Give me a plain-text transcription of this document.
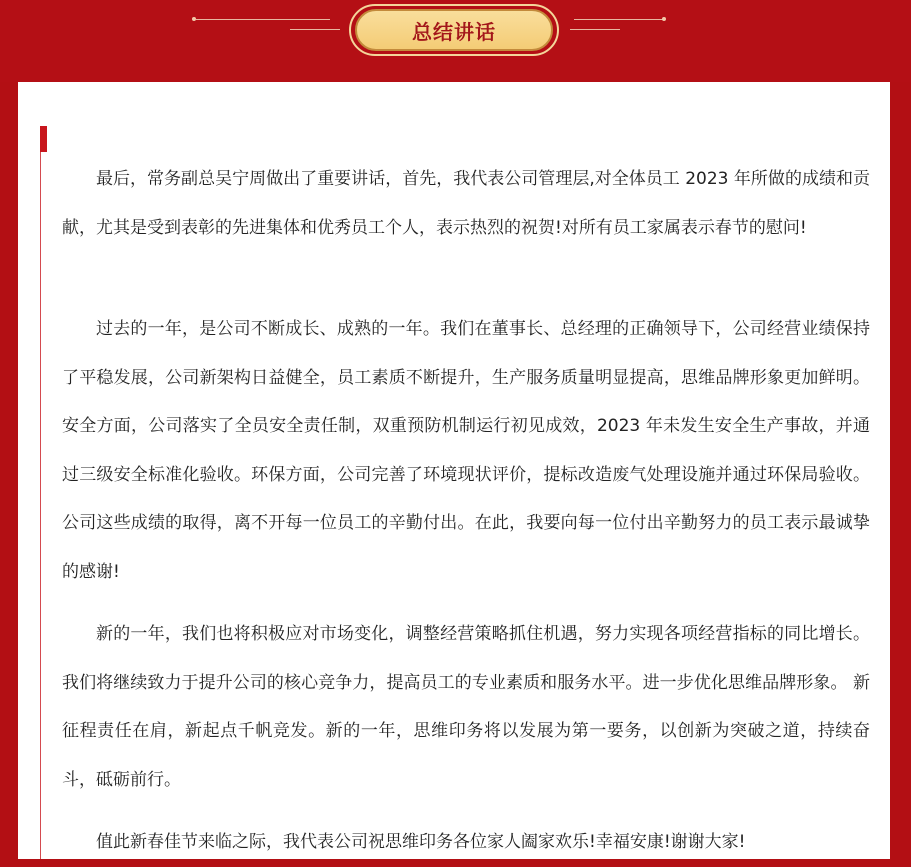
总结讲话

最后，常务副总吴宁周做出了重要讲话，首先，我代表公司管理层,对全体员工 2023 年所做的成绩和贡献，尤其是受到表彰的先进集体和优秀员工个人，表示热烈的祝贺!对所有员工家属表示春节的慰问!

过去的一年，是公司不断成长、成熟的一年。我们在董事长、总经理的正确领导下，公司经营业绩保持了平稳发展，公司新架构日益健全，员工素质不断提升，生产服务质量明显提高，思维品牌形象更加鲜明。安全方面，公司落实了全员安全责任制，双重预防机制运行初见成效，2023 年未发生安全生产事故，并通过三级安全标准化验收。环保方面，公司完善了环境现状评价，提标改造废气处理设施并通过环保局验收。公司这些成绩的取得，离不开每一位员工的辛勤付出。在此，我要向每一位付出辛勤努力的员工表示最诚挚的感谢!

新的一年，我们也将积极应对市场变化，调整经营策略抓住机遇，努力实现各项经营指标的同比增长。我们将继续致力于提升公司的核心竞争力，提高员工的专业素质和服务水平。进一步优化思维品牌形象。 新征程责任在肩，新起点千帆竞发。新的一年，思维印务将以发展为第一要务，以创新为突破之道，持续奋斗，砥砺前行。

值此新春佳节来临之际，我代表公司祝思维印务各位家人阖家欢乐!幸福安康!谢谢大家!
